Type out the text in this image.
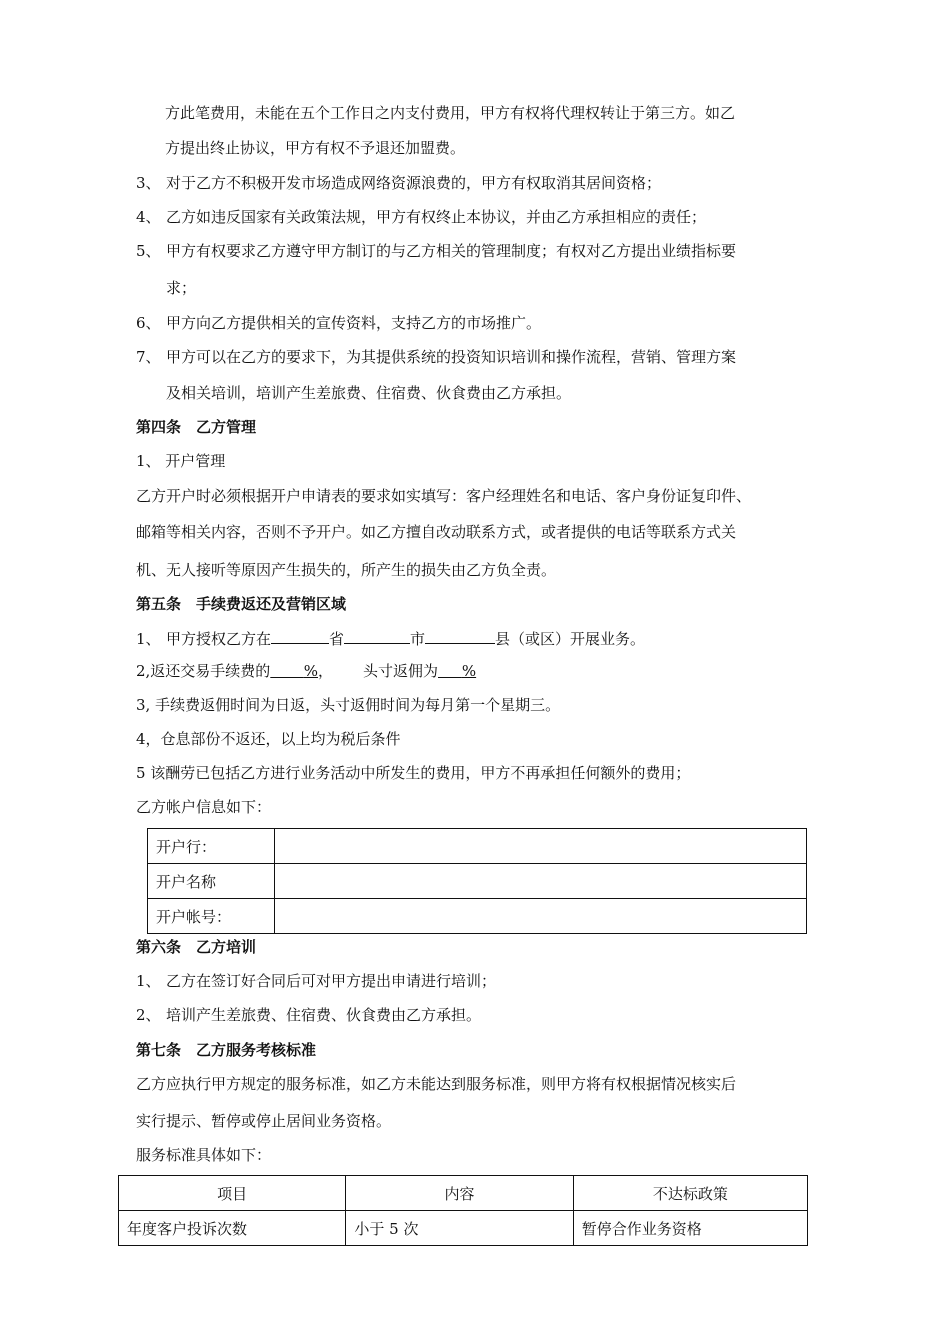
方此笔费用，未能在五个工作日之内支付费用，甲方有权将代理权转让于第三方。如乙
方提出终止协议，甲方有权不予退还加盟费。
3、 对于乙方不积极开发市场造成网络资源浪费的，甲方有权取消其居间资格；
4、 乙方如违反国家有关政策法规，甲方有权终止本协议，并由乙方承担相应的责任；
5、 甲方有权要求乙方遵守甲方制订的与乙方相关的管理制度；有权对乙方提出业绩指标要
求；
6、 甲方向乙方提供相关的宣传资料，支持乙方的市场推广。
7、 甲方可以在乙方的要求下，为其提供系统的投资知识培训和操作流程，营销、管理方案
及相关培训，培训产生差旅费、住宿费、伙食费由乙方承担。
第四条　乙方管理
1、 开户管理
乙方开户时必须根据开户申请表的要求如实填写：客户经理姓名和电话、客户身份证复印件、
邮箱等相关内容，否则不予开户。如乙方擅自改动联系方式，或者提供的电话等联系方式关
机、无人接听等原因产生损失的，所产生的损失由乙方负全责。
第五条　手续费返还及营销区域
1、 甲方授权乙方在	省	市	县（或区）开展业务。
2,返还交易手续费的 %， 头寸返佣为 %
3, 手续费返佣时间为日返，头寸返佣时间为每月第一个星期三。
4，仓息部份不返还，以上均为税后条件
5 该酬劳已包括乙方进行业务活动中所发生的费用，甲方不再承担任何额外的费用；
乙方帐户信息如下：
开户行：	
开户名称	
开户帐号：	
第六条　乙方培训
1、 乙方在签订好合同后可对甲方提出申请进行培训；
2、 培训产生差旅费、住宿费、伙食费由乙方承担。
第七条　乙方服务考核标准
乙方应执行甲方规定的服务标准，如乙方未能达到服务标准，则甲方将有权根据情况核实后
实行提示、暂停或停止居间业务资格。
服务标准具体如下：
项目	内容	不达标政策
年度客户投诉次数	小于 5 次	暂停合作业务资格
